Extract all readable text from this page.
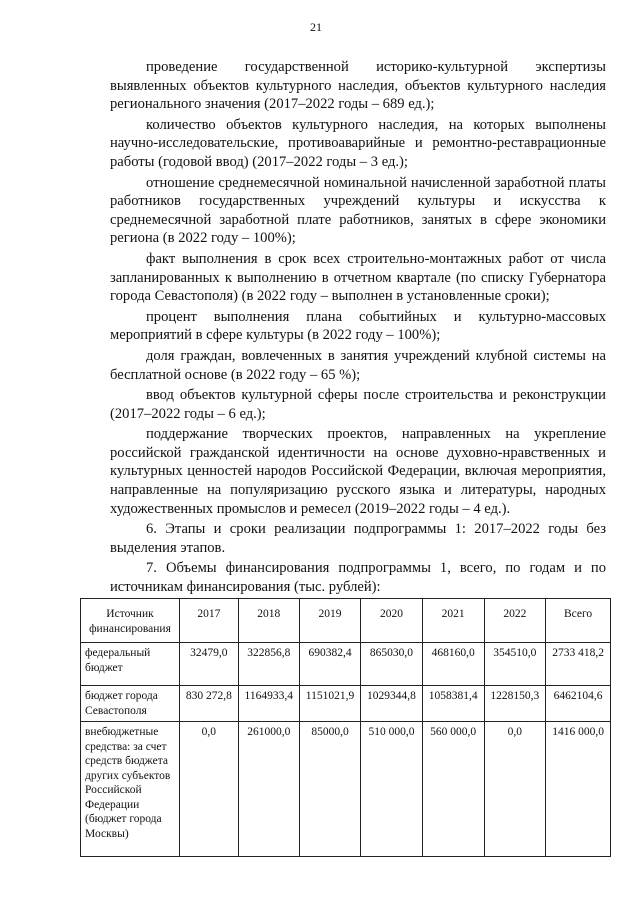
21

проведение государственной историко-культурной экспертизы выявленных объектов культурного наследия, объектов культурного наследия регионального значения (2017–2022 годы – 689 ед.);

количество объектов культурного наследия, на которых выполнены научно-исследовательские, противоаварийные и ремонтно-реставрационные работы (годовой ввод) (2017–2022 годы – 3 ед.);

отношение среднемесячной номинальной начисленной заработной платы работников государственных учреждений культуры и искусства к среднемесячной заработной плате работников, занятых в сфере экономики региона (в 2022 году – 100%);

факт выполнения в срок всех строительно-монтажных работ от числа запланированных к выполнению в отчетном квартале (по списку Губернатора города Севастополя) (в 2022 году – выполнен в установленные сроки);

процент выполнения плана событийных и культурно-массовых мероприятий в сфере культуры (в 2022 году – 100%);

доля граждан, вовлеченных в занятия учреждений клубной системы на бесплатной основе (в 2022 году – 65 %);

ввод объектов культурной сферы после строительства и реконструкции (2017–2022 годы – 6 ед.);

поддержание творческих проектов, направленных на укрепление российской гражданской идентичности на основе духовно-нравственных и культурных ценностей народов Российской Федерации, включая мероприятия, направленные на популяризацию русского языка и литературы, народных художественных промыслов и ремесел (2019–2022 годы – 4 ед.).

6. Этапы и сроки реализации подпрограммы 1: 2017–2022 годы без выделения этапов.

7. Объемы финансирования подпрограммы 1, всего, по годам и по источникам финансирования (тыс. рублей):

Источник финансирования	2017	2018	2019	2020	2021	2022	Всего
федеральный бюджет	32479,0	322856,8	690382,4	865030,0	468160,0	354510,0	2733 418,2
бюджет города Севастополя	830 272,8	1164933,4	1151021,9	1029344,8	1058381,4	1228150,3	6462104,6
внебюджетные средства: за счет средств бюджета других субъектов Российской Федерации (бюджет города Москвы)	0,0	261000,0	85000,0	510 000,0	560 000,0	0,0	1416 000,0
